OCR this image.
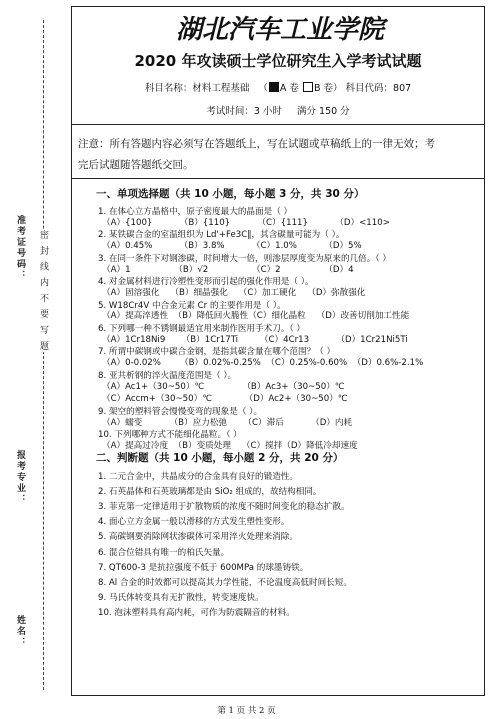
准考证号码： 密 封 线 内 不 要 写 题
报考专业：
姓名：
湖北汽车工业学院
2020 年攻读硕士学位研究生入学考试试题
科目名称：材料工程基础 （ A 卷 B 卷） 科目代码：807
考试时间：3 小时 满分 150 分
注意：所有答题内容必须写在答题纸上，写在试题或草稿纸上的一律无效；考
完后试题随答题纸交回。
一、单项选择题（共 10 小题，每小题 3 分，共 30 分）
1. 在体心立方晶格中，原子密度最大的晶面是（ ）
（A）{100}          （B）{110}          （C）{111}          （D）<110>
2. 某铁碳合金的室温组织为 Ld'+Fe3C‖，其含碳量可能为（ ）。
（A）0.45%          （B）3.8%          （C）1.0%          （D）5%
3. 在同一条件下对钢渗碳，时间增大一倍，则渗层厚度变为原来的几倍。（ ）
（A）1                （B）√2                （C）2                （D）4
4. 对金属材料进行冷塑性变形而引起的强化作用是（ ）。
（A）固溶强化    （B）细晶强化    （C）加工硬化    （D）弥散强化
5. W18Cr4V 中合金元素 Cr 的主要作用是（ ）。
（A）提高淬透性  （B）降低回火脆性（C）细化晶粒    （D）改善切削加工性能
6. 下列哪一种不锈钢最适宜用来制作医用手术刀。（ ）
（A）1Cr18Ni9      （B）1Cr17Ti        （C）4Cr13          （D）1Cr21Ni5Ti
7. 所谓中碳钢或中碳合金钢，是指其碳含量在哪个范围？（ ）
（A）0-0.02%       （B）0.02%-0.25%  （C）0.25%-0.60%  （D）0.6%-2.1%
8. 亚共析钢的淬火温度范围是（ ）。
（A）Ac1+（30~50）℃              （B）Ac3+（30~50）℃
（C）Accm+（30~50）℃            （D）Ac2+（30~50）℃
9. 架空的塑料管会慢慢变弯的现象是（ ）。
（A）蠕变          （B）应力松弛      （C）滞后          （D）内耗
10. 下列哪种方式不能细化晶粒。（ ）
（A）提高过冷度  （B）变质处理    （C）搅拌（D）降低冷却速度
二、判断题（共 10 小题，每小题 2 分，共 20 分）
1. 二元合金中，共晶成分的合金具有良好的锻造性。
2. 石英晶体和石英玻璃都是由 SiO₂ 组成的，故结构相同。
3. 菲克第一定律适用于扩散物质的浓度不随时间变化的稳态扩散。
4. 面心立方金属一般以滑移的方式发生塑性变形。
5. 高碳钢要消除网状渗碳体可采用淬火处理来消除。
6. 混合位错具有唯一的柏氏矢量。
7. QT600-3 是抗拉强度不低于 600MPa 的球墨铸铁。
8. Al 合金的时效都可以提高其力学性能，不论温度高低时间长短。
9. 马氏体转变具有无扩散性，转变速度快。
10. 泡沫塑料具有高内耗，可作为防震隔音的材料。
第 1 页 共 2 页
